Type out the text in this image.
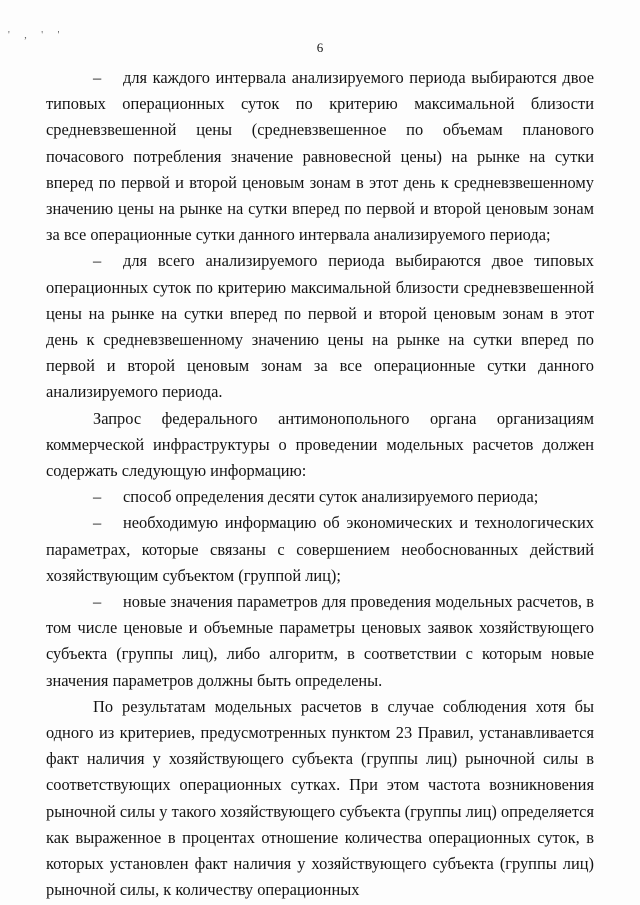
' , ' '
6

– для каждого интервала анализируемого периода выбираются двое типовых операционных суток по критерию максимальной близости средневзвешенной цены (средневзвешенное по объемам планового почасового потребления значение равновесной цены) на рынке на сутки вперед по первой и второй ценовым зонам в этот день к средневзвешенному значению цены на рынке на сутки вперед по первой и второй ценовым зонам за все операционные сутки данного интервала анализируемого периода;

– для всего анализируемого периода выбираются двое типовых операционных суток по критерию максимальной близости средневзвешенной цены на рынке на сутки вперед по первой и второй ценовым зонам в этот день к средневзвешенному значению цены на рынке на сутки вперед по первой и второй ценовым зонам за все операционные сутки данного анализируемого периода.

Запрос федерального антимонопольного органа организациям коммерческой инфраструктуры о проведении модельных расчетов должен содержать следующую информацию:

– способ определения десяти суток анализируемого периода;

– необходимую информацию об экономических и технологических параметрах, которые связаны с совершением необоснованных действий хозяйствующим субъектом (группой лиц);

– новые значения параметров для проведения модельных расчетов, в том числе ценовые и объемные параметры ценовых заявок хозяйствующего субъекта (группы лиц), либо алгоритм, в соответствии с которым новые значения параметров должны быть определены.

По результатам модельных расчетов в случае соблюдения хотя бы одного из критериев, предусмотренных пунктом 23 Правил, устанавливается факт наличия у хозяйствующего субъекта (группы лиц) рыночной силы в соответствующих операционных сутках. При этом частота возникновения рыночной силы у такого хозяйствующего субъекта (группы лиц) определяется как выраженное в процентах отношение количества операционных суток, в которых установлен факт наличия у хозяйствующего субъекта (группы лиц) рыночной силы, к количеству операционных
